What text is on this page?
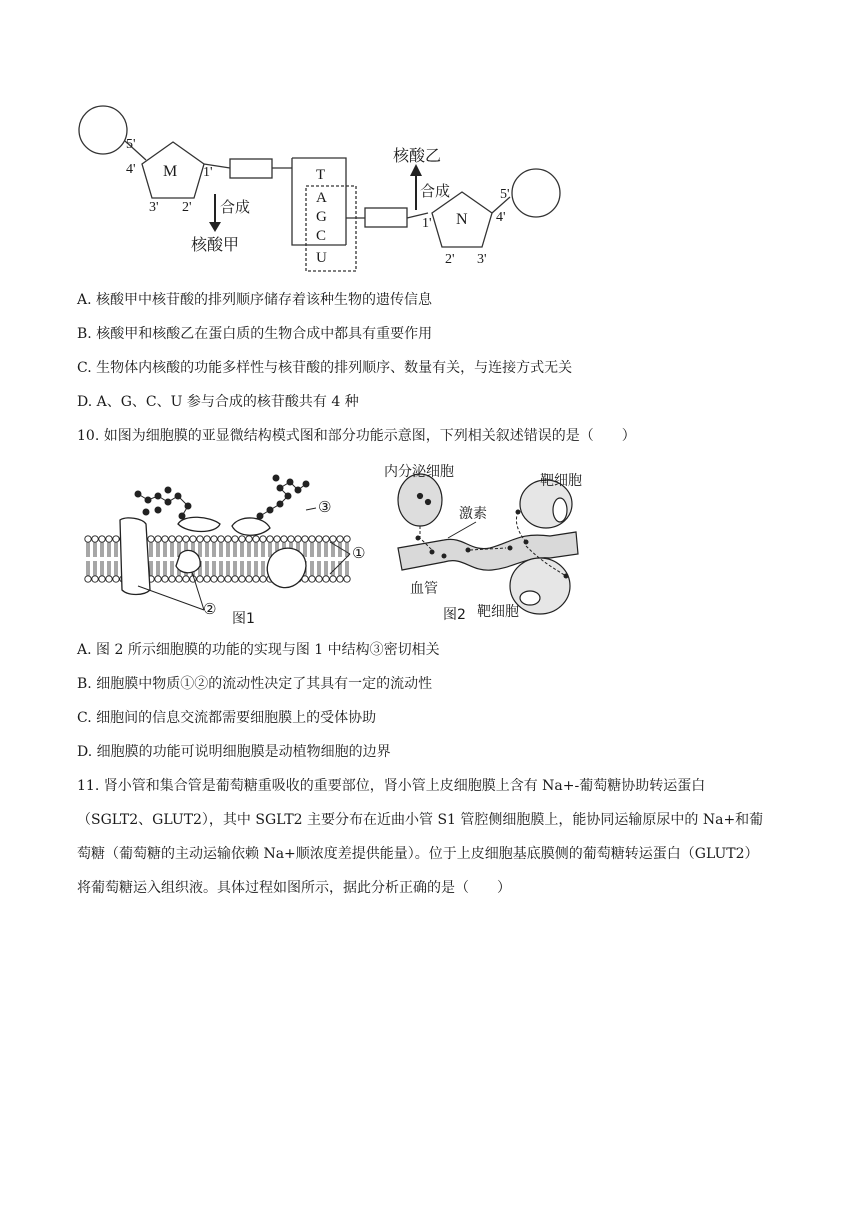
5'
4' M 1'
3' 2' 合成
核酸甲
T
A
G
C
U
核酸乙
合成	5'
1' N 4'
2' 3'
A. 核酸甲中核苷酸的排列顺序储存着该种生物的遗传信息
B. 核酸甲和核酸乙在蛋白质的生物合成中都具有重要作用
C. 生物体内核酸的功能多样性与核苷酸的排列顺序、数量有关，与连接方式无关
D. A、G、C、U 参与合成的核苷酸共有 4 种
10. 如图为细胞膜的亚显微结构模式图和部分功能示意图，下列相关叙述错误的是（　　）
③
①
②
图1
内分泌细胞
靶细胞
激素
血管
图2 靶细胞
A. 图 2 所示细胞膜的功能的实现与图 1 中结构③密切相关
B. 细胞膜中物质①②的流动性决定了其具有一定的流动性
C. 细胞间的信息交流都需要细胞膜上的受体协助
D. 细胞膜的功能可说明细胞膜是动植物细胞的边界
11. 肾小管和集合管是葡萄糖重吸收的重要部位，肾小管上皮细胞膜上含有 Na+-葡萄糖协助转运蛋白
（SGLT2、GLUT2），其中 SGLT2 主要分布在近曲小管 S1 管腔侧细胞膜上，能协同运输原尿中的 Na+和葡
萄糖（葡萄糖的主动运输依赖 Na+顺浓度差提供能量）。位于上皮细胞基底膜侧的葡萄糖转运蛋白（GLUT2）
将葡萄糖运入组织液。具体过程如图所示，据此分析正确的是（　　）
